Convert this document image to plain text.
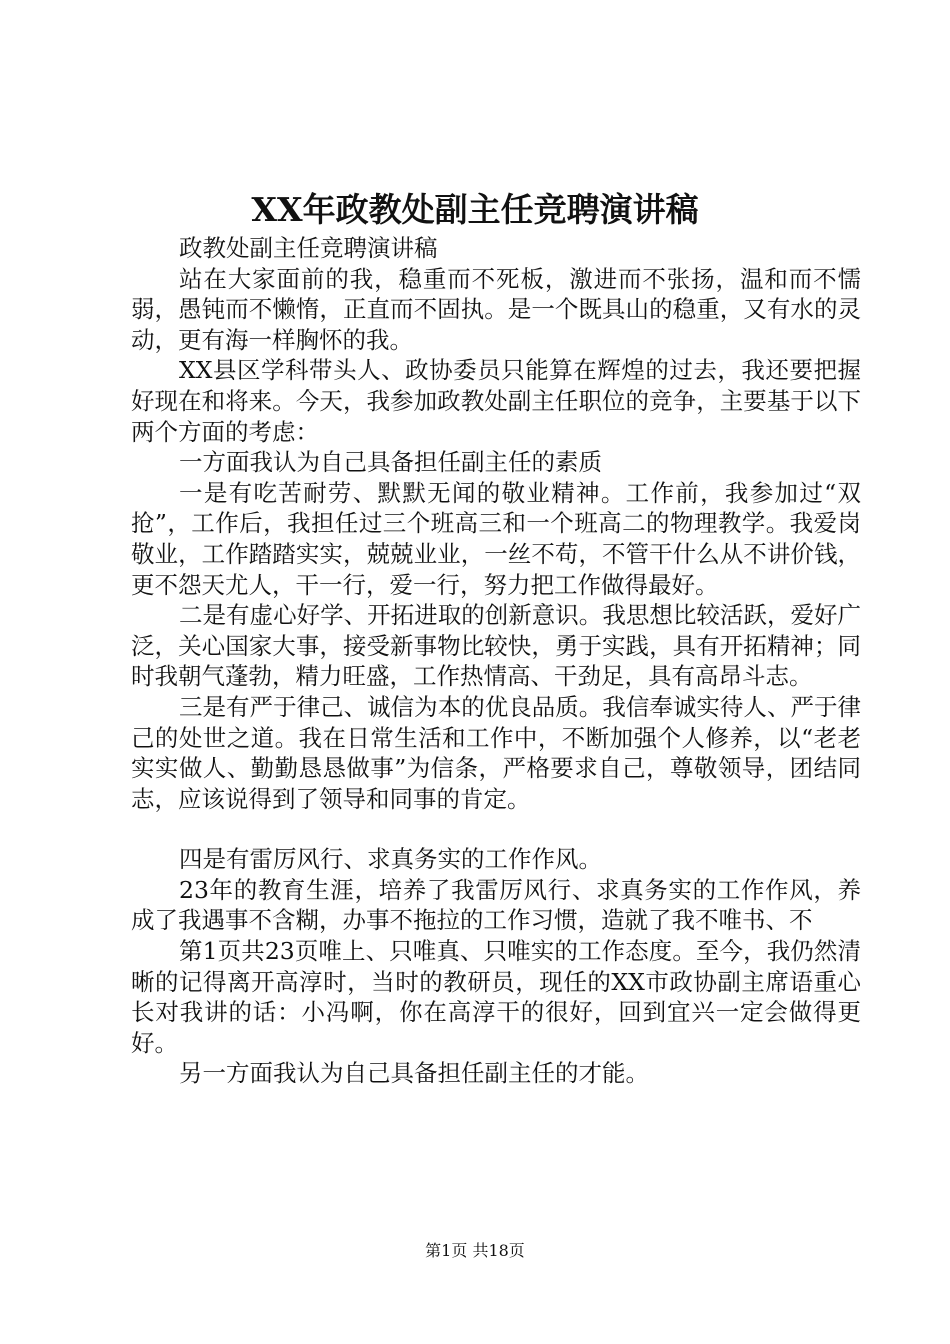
XX年政教处副主任竞聘演讲稿

政教处副主任竞聘演讲稿

站在大家面前的我，稳重而不死板，激进而不张扬，温和而不懦弱，愚钝而不懒惰，正直而不固执。是一个既具山的稳重，又有水的灵动，更有海一样胸怀的我。

XX县区学科带头人、政协委员只能算在辉煌的过去，我还要把握好现在和将来。今天，我参加政教处副主任职位的竞争，主要基于以下两个方面的考虑：

一方面我认为自己具备担任副主任的素质

一是有吃苦耐劳、默默无闻的敬业精神。工作前，我参加过“双抢”，工作后，我担任过三个班高三和一个班高二的物理教学。我爱岗敬业，工作踏踏实实，兢兢业业，一丝不苟，不管干什么从不讲价钱，更不怨天尤人，干一行，爱一行，努力把工作做得最好。

二是有虚心好学、开拓进取的创新意识。我思想比较活跃，爱好广泛，关心国家大事，接受新事物比较快，勇于实践，具有开拓精神；同时我朝气蓬勃，精力旺盛，工作热情高、干劲足，具有高昂斗志。

三是有严于律己、诚信为本的优良品质。我信奉诚实待人、严于律己的处世之道。我在日常生活和工作中，不断加强个人修养，以“老老实实做人、勤勤恳恳做事”为信条，严格要求自己，尊敬领导，团结同志，应该说得到了领导和同事的肯定。

四是有雷厉风行、求真务实的工作作风。

23年的教育生涯，培养了我雷厉风行、求真务实的工作作风，养成了我遇事不含糊，办事不拖拉的工作习惯，造就了我不唯书、不

第1页共23页唯上、只唯真、只唯实的工作态度。至今，我仍然清晰的记得离开高淳时，当时的教研员，现任的XX市政协副主席语重心长对我讲的话：小冯啊，你在高淳干的很好，回到宜兴一定会做得更好。

另一方面我认为自己具备担任副主任的才能。

第1页 共18页
